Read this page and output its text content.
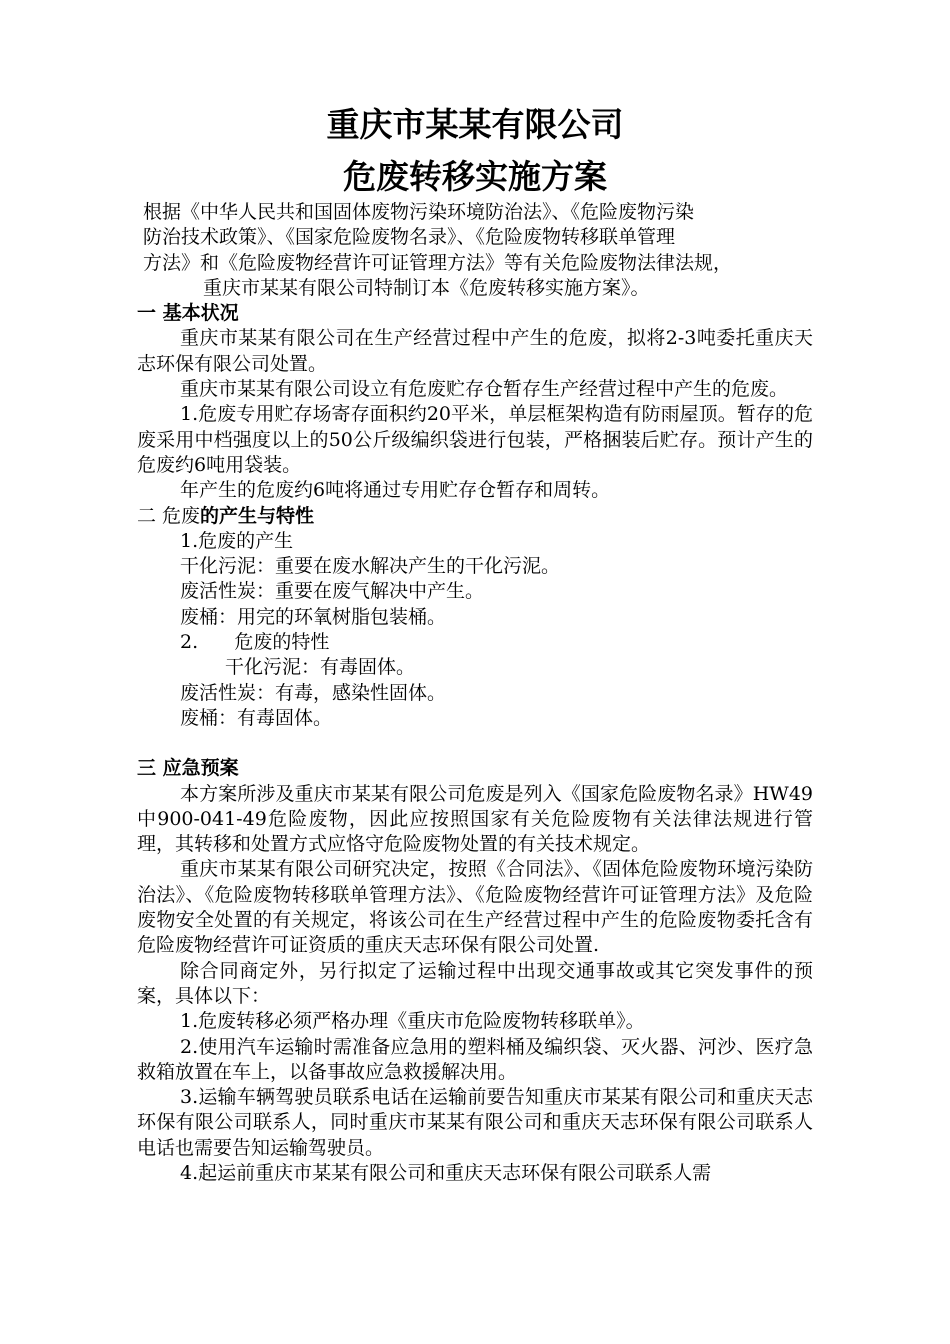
重庆市某某有限公司
危废转移实施方案

根据《中华人民共和国固体废物污染环境防治法》、《危险废物污染

防治技术政策》、《国家危险废物名录》、《危险废物转移联单管理

方法》和《危险废物经营许可证管理方法》等有关危险废物法律法规，

重庆市某某有限公司特制订本《危废转移实施方案》。

一 基本状况

重庆市某某有限公司在生产经营过程中产生的危废，拟将2-3吨委托重庆天志环保有限公司处置。

重庆市某某有限公司设立有危废贮存仓暂存生产经营过程中产生的危废。

1.危废专用贮存场寄存面积约20平米，单层框架构造有防雨屋顶。暂存的危废采用中档强度以上的50公斤级编织袋进行包装，严格捆装后贮存。预计产生的危废约6吨用袋装。

年产生的危废约6吨将通过专用贮存仓暂存和周转。

二 危废的产生与特性

1.危废的产生

干化污泥：重要在废水解决产生的干化污泥。

废活性炭：重要在废气解决中产生。

废桶：用完的环氧树脂包装桶。

2.      危废的特性

干化污泥：有毒固体。

废活性炭：有毒，感染性固体。

废桶：有毒固体。

三 应急预案

本方案所涉及重庆市某某有限公司危废是列入《国家危险废物名录》HW49中900-041-49危险废物，因此应按照国家有关危险废物有关法律法规进行管理，其转移和处置方式应恪守危险废物处置的有关技术规定。

重庆市某某有限公司研究决定，按照《合同法》、《固体危险废物环境污染防治法》、《危险废物转移联单管理方法》、《危险废物经营许可证管理方法》及危险废物安全处置的有关规定，将该公司在生产经营过程中产生的危险废物委托含有危险废物经营许可证资质的重庆天志环保有限公司处置.

除合同商定外，另行拟定了运输过程中出现交通事故或其它突发事件的预案，具体以下：

1.危废转移必须严格办理《重庆市危险废物转移联单》。

2.使用汽车运输时需准备应急用的塑料桶及编织袋、灭火器、河沙、医疗急救箱放置在车上，以备事故应急救援解决用。

3.运输车辆驾驶员联系电话在运输前要告知重庆市某某有限公司和重庆天志环保有限公司联系人，同时重庆市某某有限公司和重庆天志环保有限公司联系人电话也需要告知运输驾驶员。

4.起运前重庆市某某有限公司和重庆天志环保有限公司联系人需
